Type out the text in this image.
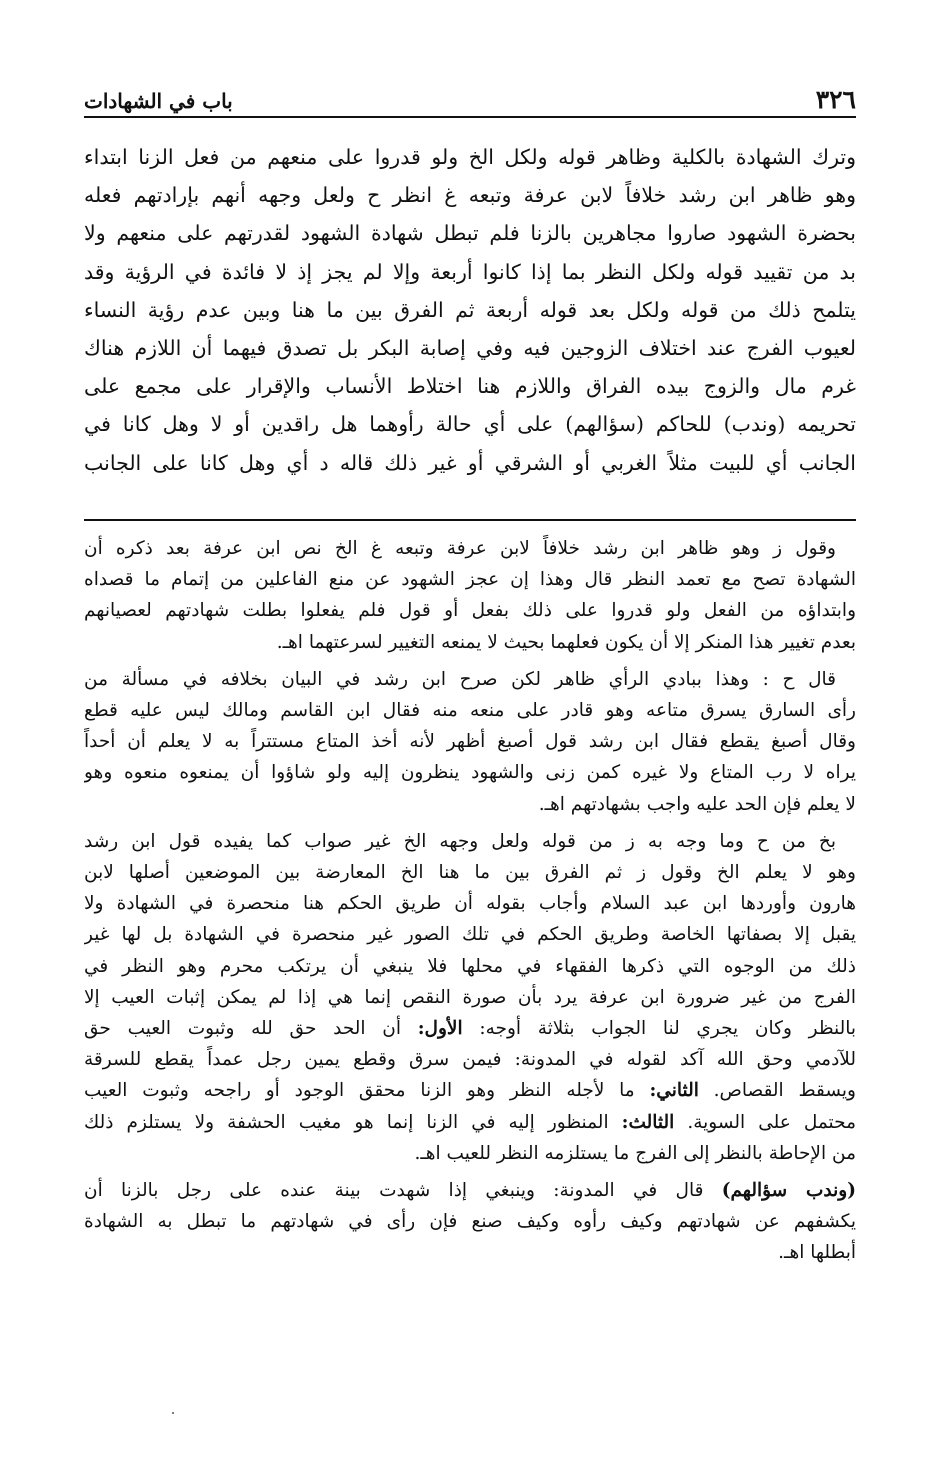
٣٢٦
باب في الشهادات
وترك الشهادة بالكلية وظاهر قوله ولكل الخ ولو قدروا على منعهم من فعل الزنا ابتداء
وهو ظاهر ابن رشد خلافاً لابن عرفة وتبعه غ انظر ح ولعل وجهه أنهم بإرادتهم فعله
بحضرة الشهود صاروا مجاهرين بالزنا فلم تبطل شهادة الشهود لقدرتهم على منعهم ولا
بد من تقييد قوله ولكل النظر بما إذا كانوا أربعة وإلا لم يجز إذ لا فائدة في الرؤية وقد
يتلمح ذلك من قوله ولكل بعد قوله أربعة ثم الفرق بين ما هنا وبين عدم رؤية النساء
لعيوب الفرج عند اختلاف الزوجين فيه وفي إصابة البكر بل تصدق فيهما أن اللازم هناك
غرم مال والزوج بيده الفراق واللازم هنا اختلاط الأنساب والإقرار على مجمع على
تحريمه (وندب) للحاكم (سؤالهم) على أي حالة رأوهما هل راقدين أو لا وهل كانا في
الجانب أي للبيت مثلاً الغربي أو الشرقي أو غير ذلك قاله د أي وهل كانا على الجانب
وقول ز وهو ظاهر ابن رشد خلافاً لابن عرفة وتبعه غ الخ نص ابن عرفة بعد ذكره أن
الشهادة تصح مع تعمد النظر قال وهذا إن عجز الشهود عن منع الفاعلين من إتمام ما قصداه
وابتداؤه من الفعل ولو قدروا على ذلك بفعل أو قول فلم يفعلوا بطلت شهادتهم لعصيانهم
بعدم تغيير هذا المنكر إلا أن يكون فعلهما بحيث لا يمنعه التغيير لسرعتهما اهـ.
قال ح : وهذا ببادي الرأي ظاهر لكن صرح ابن رشد في البيان بخلافه في مسألة من
رأى السارق يسرق متاعه وهو قادر على منعه منه فقال ابن القاسم ومالك ليس عليه قطع
وقال أصبغ يقطع فقال ابن رشد قول أصبغ أظهر لأنه أخذ المتاع مستتراً به لا يعلم أن أحداً
يراه لا رب المتاع ولا غيره كمن زنى والشهود ينظرون إليه ولو شاؤوا أن يمنعوه منعوه وهو
لا يعلم فإن الحد عليه واجب بشهادتهم اهـ.
بخ من ح وما وجه به ز من قوله ولعل وجهه الخ غير صواب كما يفيده قول ابن رشد
وهو لا يعلم الخ وقول ز ثم الفرق بين ما هنا الخ المعارضة بين الموضعين أصلها لابن
هارون وأوردها ابن عبد السلام وأجاب بقوله أن طريق الحكم هنا منحصرة في الشهادة ولا
يقبل إلا بصفاتها الخاصة وطريق الحكم في تلك الصور غير منحصرة في الشهادة بل لها غير
ذلك من الوجوه التي ذكرها الفقهاء في محلها فلا ينبغي أن يرتكب محرم وهو النظر في
الفرج من غير ضرورة ابن عرفة يرد بأن صورة النقص إنما هي إذا لم يمكن إثبات العيب إلا
بالنظر وكان يجري لنا الجواب بثلاثة أوجه: الأول: أن الحد حق لله وثبوت العيب حق
للآدمي وحق الله آكد لقوله في المدونة: فيمن سرق وقطع يمين رجل عمداً يقطع للسرقة
ويسقط القصاص. الثاني: ما لأجله النظر وهو الزنا محقق الوجود أو راجحه وثبوت العيب
محتمل على السوية. الثالث: المنظور إليه في الزنا إنما هو مغيب الحشفة ولا يستلزم ذلك
من الإحاطة بالنظر إلى الفرج ما يستلزمه النظر للعيب اهـ.
(وندب سؤالهم) قال في المدونة: وينبغي إذا شهدت بينة عنده على رجل بالزنا أن
يكشفهم عن شهادتهم وكيف رأوه وكيف صنع فإن رأى في شهادتهم ما تبطل به الشهادة
أبطلها اهـ.
